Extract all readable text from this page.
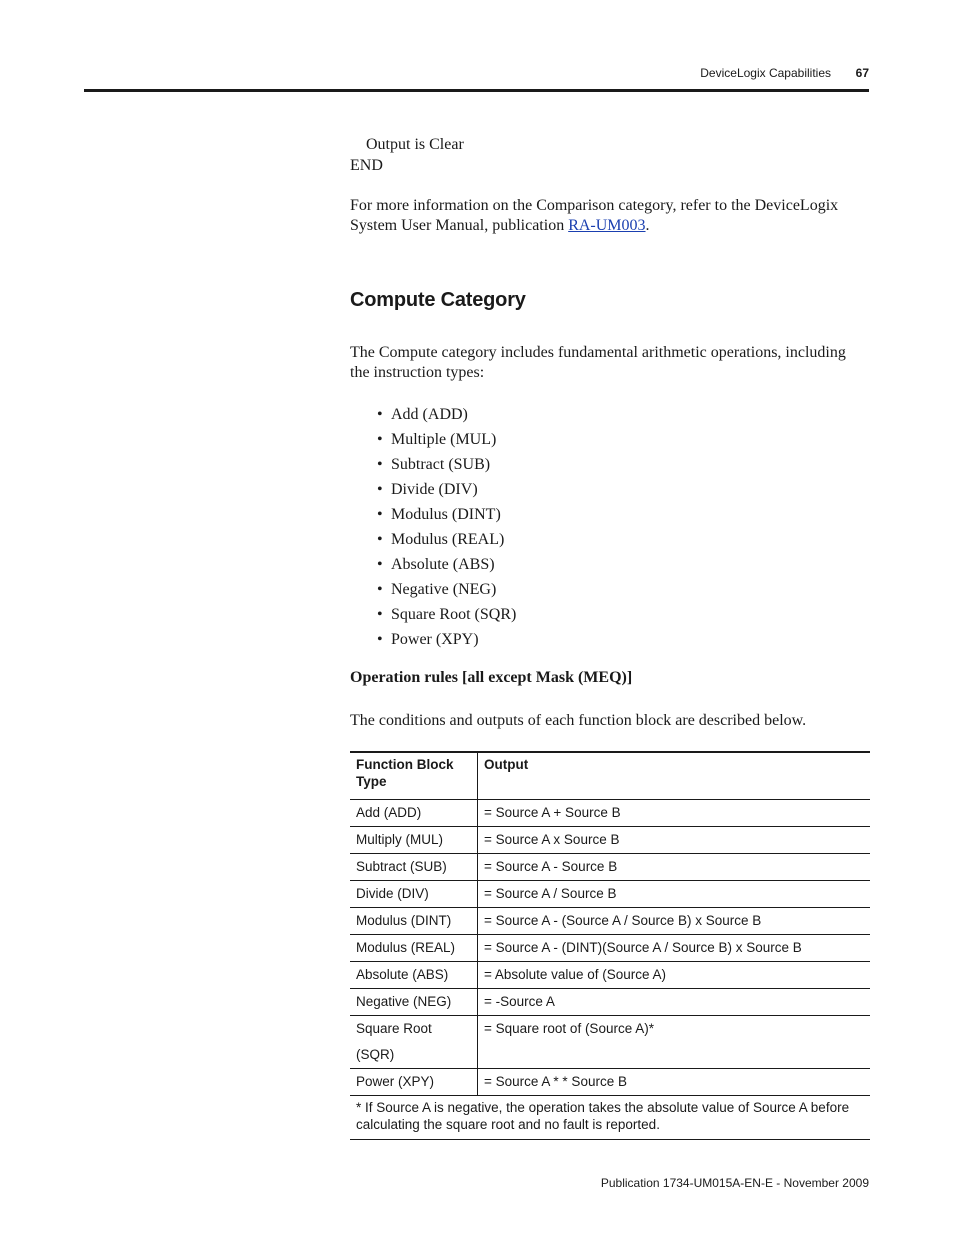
DeviceLogix Capabilities 67
Output is Clear
END
For more information on the Comparison category, refer to the DeviceLogix
System User Manual, publication RA-UM003.
Compute Category
The Compute category includes fundamental arithmetic operations, including
the instruction types:
• Add (ADD)
• Multiple (MUL)
• Subtract (SUB)
• Divide (DIV)
• Modulus (DINT)
• Modulus (REAL)
• Absolute (ABS)
• Negative (NEG)
• Square Root (SQR)
• Power (XPY)
Operation rules [all except Mask (MEQ)]
The conditions and outputs of each function block are described below.
Function Block Type	Output
Add (ADD)	= Source A + Source B
Multiply (MUL)	= Source A x Source B
Subtract (SUB)	= Source A - Source B
Divide (DIV)	= Source A / Source B
Modulus (DINT)	= Source A - (Source A / Source B) x Source B
Modulus (REAL)	= Source A - (DINT)(Source A / Source B) x Source B
Absolute (ABS)	= Absolute value of (Source A)
Negative (NEG)	= -Source A
Square Root (SQR)	= Square root of (Source A)*
Power (XPY)	= Source A * * Source B
* If Source A is negative, the operation takes the absolute value of Source A before calculating the square root and no fault is reported.	
Publication 1734-UM015A-EN-E - November 2009
